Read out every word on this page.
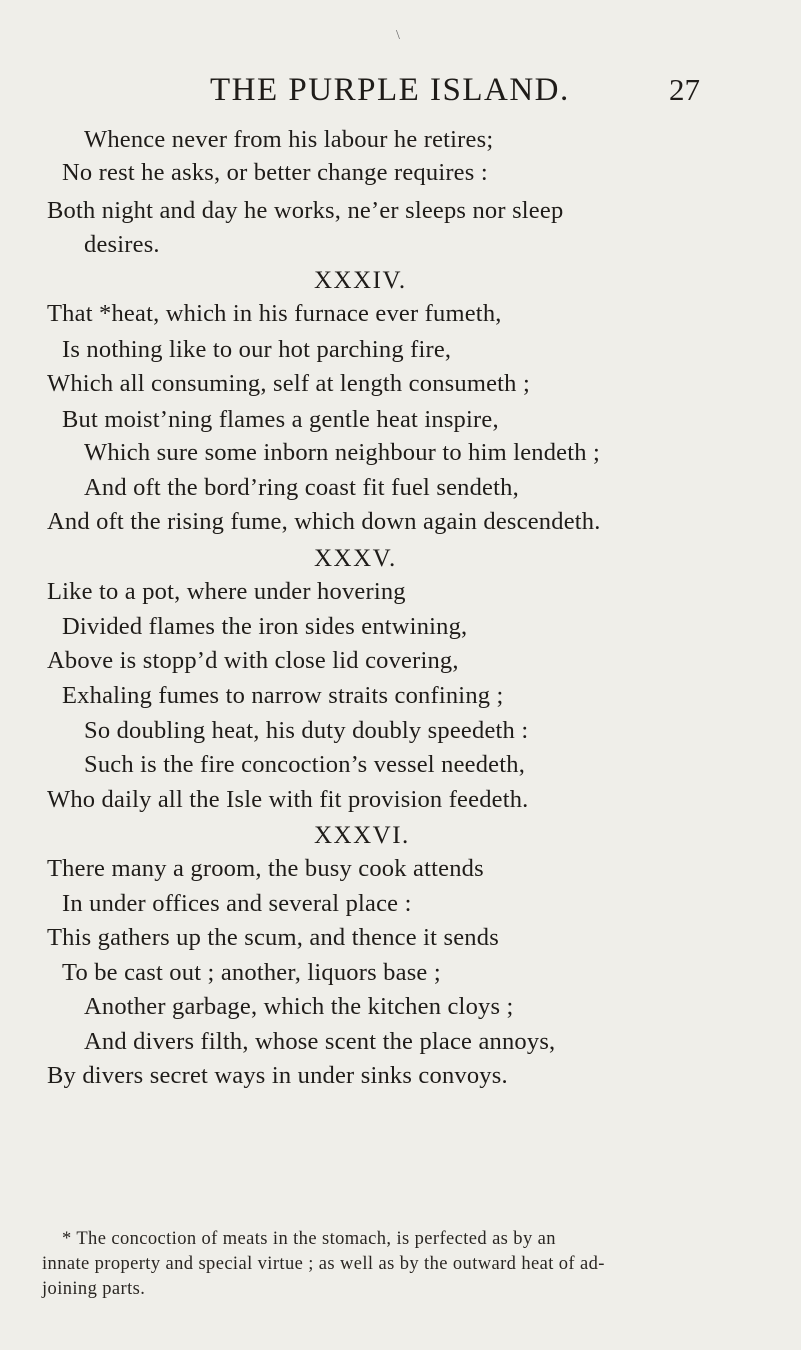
\
THE PURPLE ISLAND.	27
Whence never from his labour he retires;
No rest he asks, or better change requires :
Both night and day he works, ne’er sleeps nor sleep
desires.
XXXIV.
That *heat, which in his furnace ever fumeth,
Is nothing like to our hot parching fire,
Which all consuming, self at length consumeth ;
But moist’ning flames a gentle heat inspire,
Which sure some inborn neighbour to him lendeth ;
And oft the bord’ring coast fit fuel sendeth,
And oft the rising fume, which down again descendeth.
XXXV.
Like to a pot, where under hovering
Divided flames the iron sides entwining,
Above is stopp’d with close lid covering,
Exhaling fumes to narrow straits confining ;
So doubling heat, his duty doubly speedeth :
Such is the fire concoction’s vessel needeth,
Who daily all the Isle with fit provision feedeth.
XXXVI.
There many a groom, the busy cook attends
In under offices and several place :
This gathers up the scum, and thence it sends
To be cast out ; another, liquors base ;
Another garbage, which the kitchen cloys ;
And divers filth, whose scent the place annoys,
By divers secret ways in under sinks convoys.
* The concoction of meats in the stomach, is perfected as by an
innate property and special virtue ; as well as by the outward heat of ad-
joining parts.
